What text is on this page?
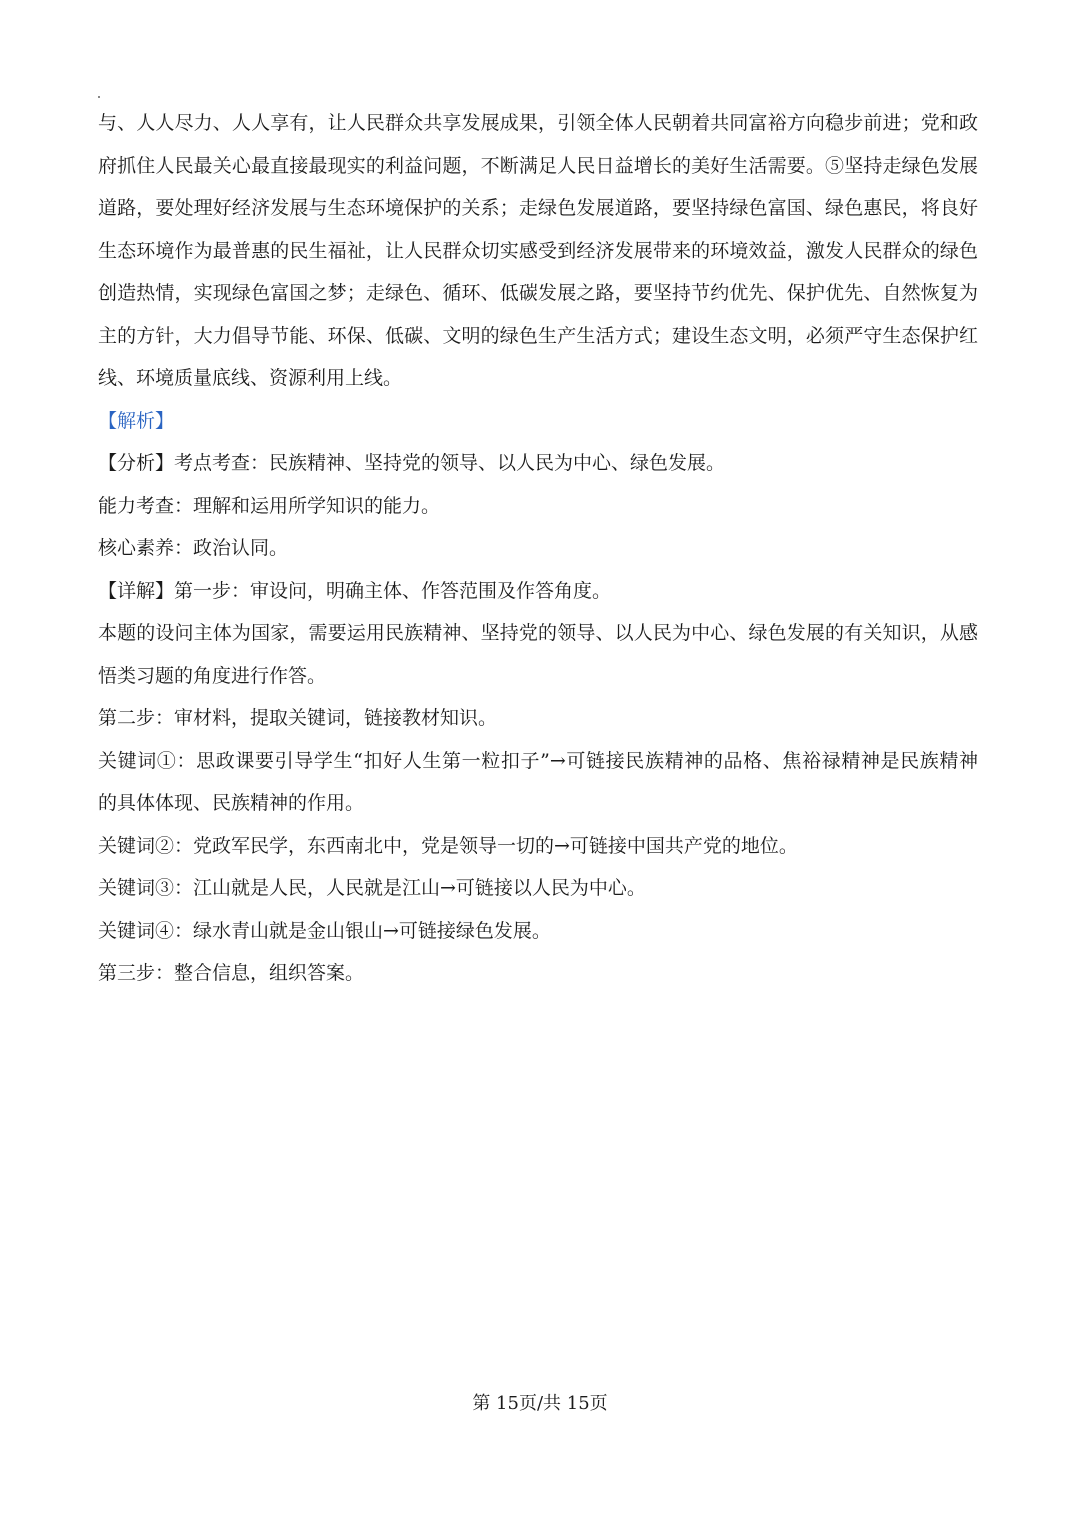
与、人人尽力、人人享有，让人民群众共享发展成果，引领全体人民朝着共同富裕方向稳步前进；党和政
府抓住人民最关心最直接最现实的利益问题，不断满足人民日益增长的美好生活需要。⑤坚持走绿色发展
道路，要处理好经济发展与生态环境保护的关系；走绿色发展道路，要坚持绿色富国、绿色惠民，将良好
生态环境作为最普惠的民生福祉，让人民群众切实感受到经济发展带来的环境效益，激发人民群众的绿色
创造热情，实现绿色富国之梦；走绿色、循环、低碳发展之路，要坚持节约优先、保护优先、自然恢复为
主的方针，大力倡导节能、环保、低碳、文明的绿色生产生活方式；建设生态文明，必须严守生态保护红
线、环境质量底线、资源利用上线。
【解析】
【分析】考点考查：民族精神、坚持党的领导、以人民为中心、绿色发展。
能力考查：理解和运用所学知识的能力。
核心素养：政治认同。
【详解】第一步：审设问，明确主体、作答范围及作答角度。
本题的设问主体为国家，需要运用民族精神、坚持党的领导、以人民为中心、绿色发展的有关知识，从感
悟类习题的角度进行作答。
第二步：审材料，提取关键词，链接教材知识。
关键词①：思政课要引导学生“扣好人生第一粒扣子”→可链接民族精神的品格、焦裕禄精神是民族精神
的具体体现、民族精神的作用。
关键词②：党政军民学，东西南北中，党是领导一切的→可链接中国共产党的地位。
关键词③：江山就是人民，人民就是江山→可链接以人民为中心。
关键词④：绿水青山就是金山银山→可链接绿色发展。
第三步：整合信息，组织答案。
第 15页/共 15页
